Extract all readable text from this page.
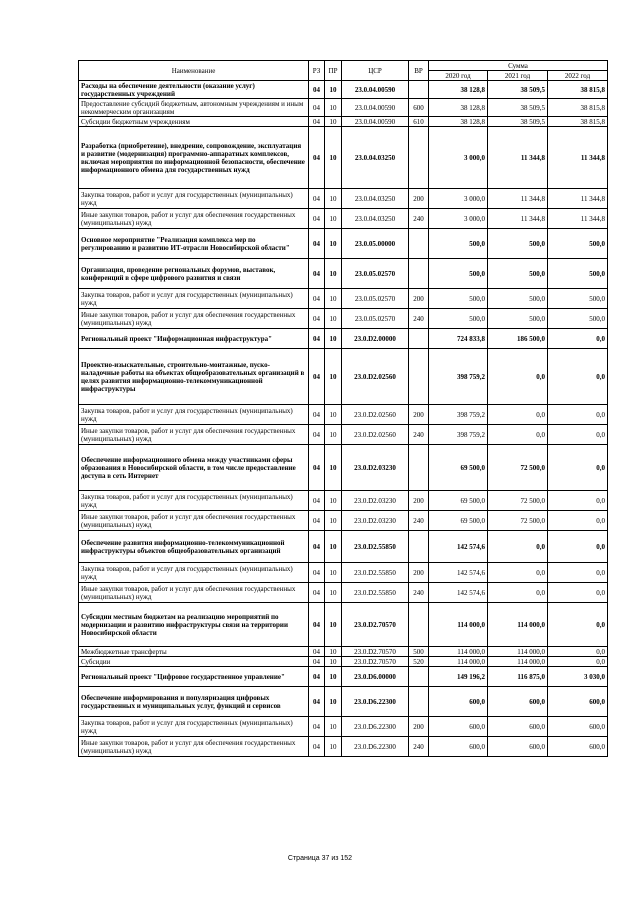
Наименование	РЗ	ПР	ЦСР	ВР	Сумма		
					2020 год	2021 год	2022 год
Расходы на обеспечение деятельности (оказание услуг) государственных учреждений	04	10	23.0.04.00590		38 128,8	38 509,5	38 815,8
Предоставление субсидий бюджетным, автономным учреждениям и иным некоммерческим организациям	04	10	23.0.04.00590	600	38 128,8	38 509,5	38 815,8
Субсидии бюджетным учреждениям	04	10	23.0.04.00590	610	38 128,8	38 509,5	38 815,8
Разработка (приобретение), внедрение, сопровождение, эксплуатация и развитие (модернизация) программно-аппаратных комплексов, включая мероприятия по информационной безопасности, обеспечение информационного обмена для государственных нужд	04	10	23.0.04.03250		3 000,0	11 344,8	11 344,8
Закупка товаров, работ и услуг для государственных (муниципальных) нужд	04	10	23.0.04.03250	200	3 000,0	11 344,8	11 344,8
Иные закупки товаров, работ и услуг для обеспечения государственных (муниципальных) нужд	04	10	23.0.04.03250	240	3 000,0	11 344,8	11 344,8
Основное мероприятие "Реализация комплекса мер по регулированию и развитию ИТ-отрасли Новосибирской области"	04	10	23.0.05.00000		500,0	500,0	500,0
Организация, проведение региональных форумов, выставок, конференций в сфере цифрового развития и связи	04	10	23.0.05.02570		500,0	500,0	500,0
Закупка товаров, работ и услуг для государственных (муниципальных) нужд	04	10	23.0.05.02570	200	500,0	500,0	500,0
Иные закупки товаров, работ и услуг для обеспечения государственных (муниципальных) нужд	04	10	23.0.05.02570	240	500,0	500,0	500,0
Региональный проект "Информационная инфраструктура"	04	10	23.0.D2.00000		724 833,8	186 500,0	0,0
Проектно-изыскательные, строительно-монтажные, пуско-наладочные работы на объектах общеобразовательных организаций в целях развития информационно-телекоммуникационной инфраструктуры	04	10	23.0.D2.02560		398 759,2	0,0	0,0
Закупка товаров, работ и услуг для государственных (муниципальных) нужд	04	10	23.0.D2.02560	200	398 759,2	0,0	0,0
Иные закупки товаров, работ и услуг для обеспечения государственных (муниципальных) нужд	04	10	23.0.D2.02560	240	398 759,2	0,0	0,0
Обеспечение информационного обмена между участниками сферы образования в Новосибирской области, в том числе предоставление доступа в сеть Интернет	04	10	23.0.D2.03230		69 500,0	72 500,0	0,0
Закупка товаров, работ и услуг для государственных (муниципальных) нужд	04	10	23.0.D2.03230	200	69 500,0	72 500,0	0,0
Иные закупки товаров, работ и услуг для обеспечения государственных (муниципальных) нужд	04	10	23.0.D2.03230	240	69 500,0	72 500,0	0,0
Обеспечение развития информационно-телекоммуникационной инфраструктуры объектов общеобразовательных организаций	04	10	23.0.D2.55850		142 574,6	0,0	0,0
Закупка товаров, работ и услуг для государственных (муниципальных) нужд	04	10	23.0.D2.55850	200	142 574,6	0,0	0,0
Иные закупки товаров, работ и услуг для обеспечения государственных (муниципальных) нужд	04	10	23.0.D2.55850	240	142 574,6	0,0	0,0
Субсидии местным бюджетам на реализацию мероприятий по модернизации и развитию инфраструктуры связи на территории Новосибирской области	04	10	23.0.D2.70570		114 000,0	114 000,0	0,0
Межбюджетные трансферты	04	10	23.0.D2.70570	500	114 000,0	114 000,0	0,0
Субсидии	04	10	23.0.D2.70570	520	114 000,0	114 000,0	0,0
Региональный проект "Цифровое государственное управление"	04	10	23.0.D6.00000		149 196,2	116 875,0	3 030,0
Обеспечение информирования и популяризация цифровых государственных и муниципальных услуг, функций и сервисов	04	10	23.0.D6.22300		600,0	600,0	600,0
Закупка товаров, работ и услуг для государственных (муниципальных) нужд	04	10	23.0.D6.22300	200	600,0	600,0	600,0
Иные закупки товаров, работ и услуг для обеспечения государственных (муниципальных) нужд	04	10	23.0.D6.22300	240	600,0	600,0	600,0
Страница 37 из 152
